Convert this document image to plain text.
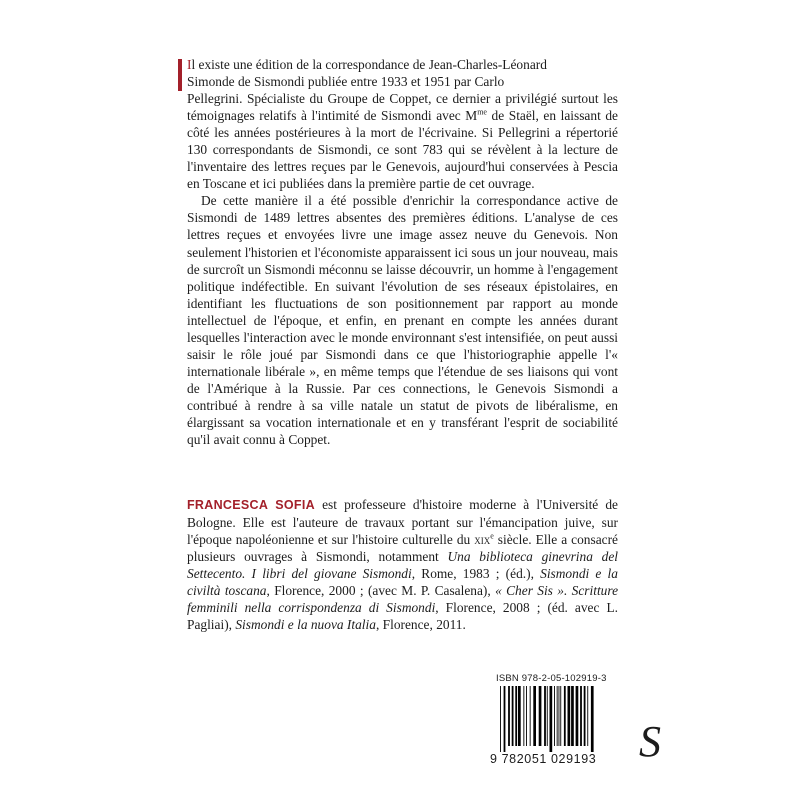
Il existe une édition de la correspondance de Jean-Charles-Léonard
Simonde de Sismondi publiée entre 1933 et 1951 par Carlo
Pellegrini. Spécialiste du Groupe de Coppet, ce dernier a privilégié surtout les témoignages relatifs à l'intimité de Sismondi avec $M^{me}$ de Staël, en laissant de côté les années postérieures à la mort de l'écrivaine. Si Pellegrini a répertorié 130 correspondants de Sismondi, ce sont 783 qui se révèlent à la lecture de l'inventaire des lettres reçues par le Genevois, aujourd'hui conservées à Pescia en Toscane et ici publiées dans la première partie de cet ouvrage.

De cette manière il a été possible d'enrichir la correspondance active de Sismondi de 1489 lettres absentes des premières éditions. L'analyse de ces lettres reçues et envoyées livre une image assez neuve du Genevois. Non seulement l'historien et l'économiste apparaissent ici sous un jour nouveau, mais de surcroît un Sismondi méconnu se laisse découvrir, un homme à l'engagement politique indéfectible. En suivant l'évolution de ses réseaux épistolaires, en identifiant les fluctuations de son positionnement par rapport au monde intellectuel de l'époque, et enfin, en prenant en compte les années durant lesquelles l'interaction avec le monde environnant s'est intensifiée, on peut aussi saisir le rôle joué par Sismondi dans ce que l'historiographie appelle l'« internationale libérale », en même temps que l'étendue de ses liaisons qui vont de l'Amérique à la Russie. Par ces connections, le Genevois Sismondi a contribué à rendre à sa ville natale un statut de pivots de libéralisme, en élargissant sa vocation internationale et en y transférant l'esprit de sociabilité qu'il avait connu à Coppet.

FRANCESCA SOFIA est professeure d'histoire moderne à l'Université de Bologne. Elle est l'auteure de travaux portant sur l'émancipation juive, sur l'époque napoléonienne et sur l'histoire culturelle du xix$^e$ siècle. Elle a consacré plusieurs ouvrages à Sismondi, notamment Una biblioteca ginevrina del Settecento. I libri del giovane Sismondi, Rome, 1983 ; (éd.), Sismondi e la civiltà toscana, Florence, 2000 ; (avec M. P. Casalena), « Cher Sis ». Scritture femminili nella corrispondenza di Sismondi, Florence, 2008 ; (éd. avec L. Pagliai), Sismondi e la nuova Italia, Florence, 2011.
ISBN 978-2-05-102919-3
9 782051 029193 S
